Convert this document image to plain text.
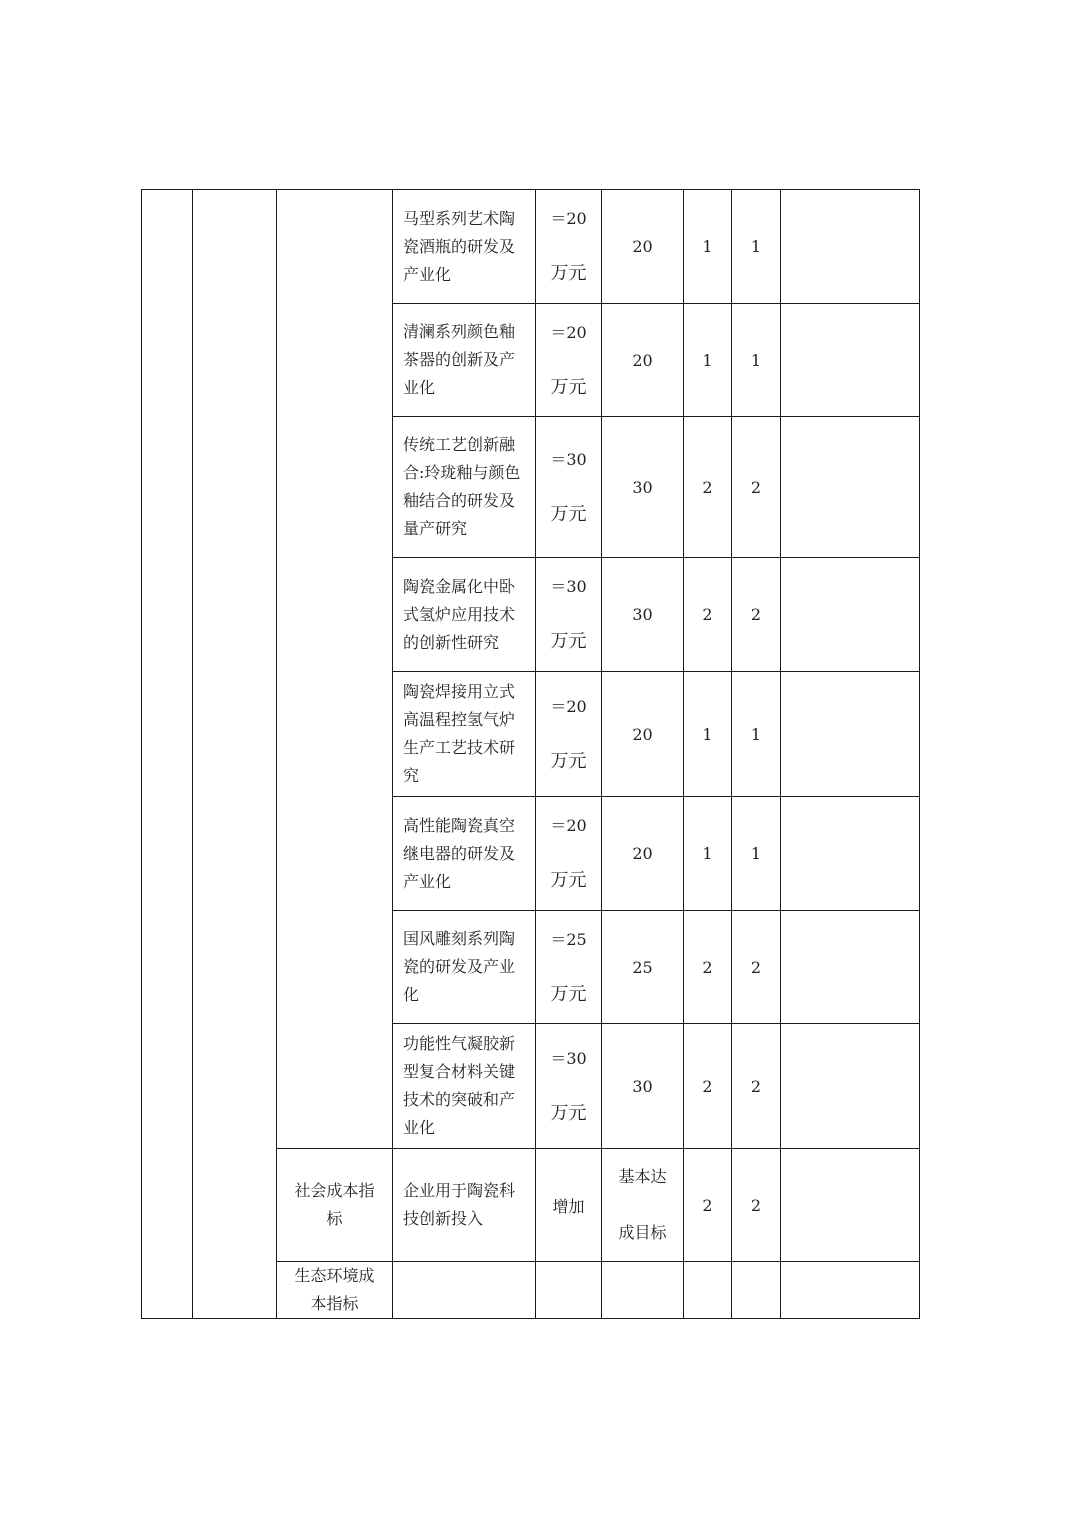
			马型系列艺术陶
瓷酒瓶的研发及
产业化	＝20
万元	20	1	1	

			清澜系列颜色釉
茶器的创新及产
业化	＝20
万元	20	1	1	

			传统工艺创新融
合:玲珑釉与颜色
釉结合的研发及
量产研究	＝30
万元	30	2	2	

			陶瓷金属化中卧
式氢炉应用技术
的创新性研究	＝30
万元	30	2	2	

			陶瓷焊接用立式
高温程控氢气炉
生产工艺技术研
究	＝20
万元	20	1	1	

			高性能陶瓷真空
继电器的研发及
产业化	＝20
万元	20	1	1	

			国风雕刻系列陶
瓷的研发及产业
化	＝25
万元	25	2	2	

			功能性气凝胶新
型复合材料关键
技术的突破和产
业化	＝30
万元	30	2	2	

		社会成本指
标	企业用于陶瓷科
技创新投入	增加	基本达
成目标	2	2	

		生态环境成
本指标						
